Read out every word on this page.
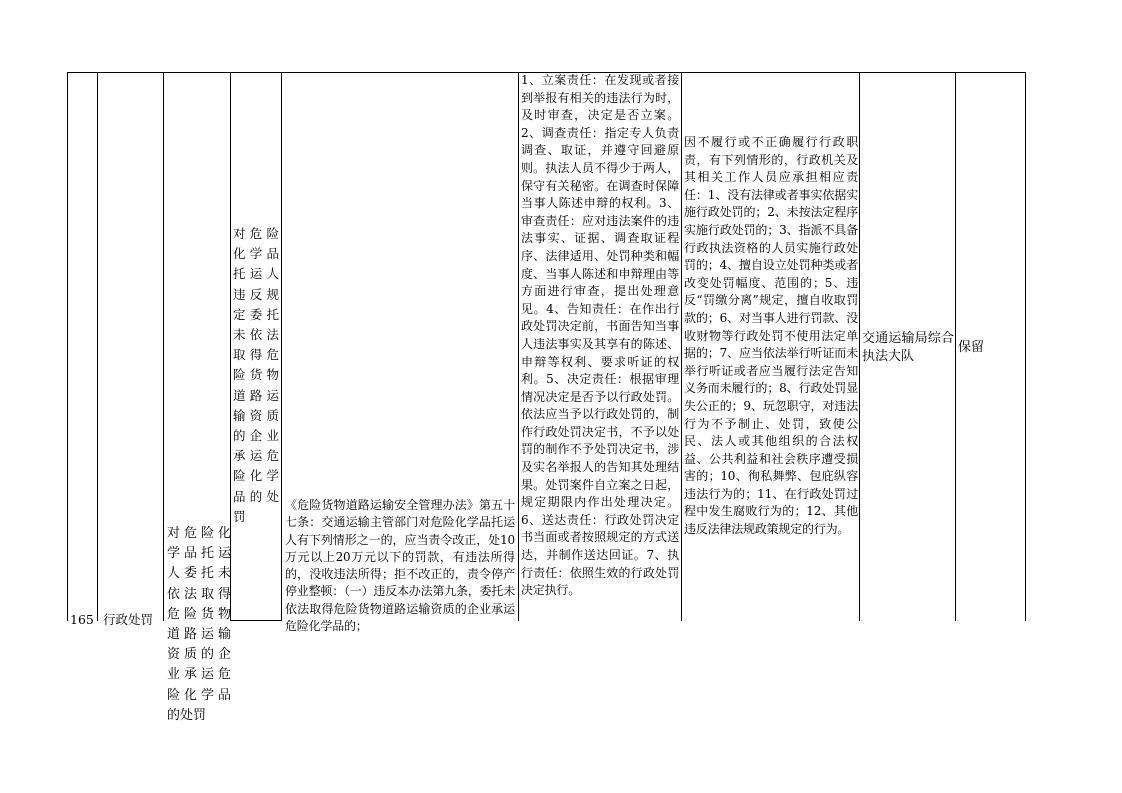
165 行政处罚
对危险化学品托运人委托未依法取得危险货物道路运输资质的企业承运危险化学品的处罚
对危险化学品托运人违反规定委托未依法取得危险货物道路运输资质的企业承运危险化学品的处罚
《危险货物道路运输安全管理办法》第五十七条：交通运输主管部门对危险化学品托运人有下列情形之一的，应当责令改正，处10万元以上20万元以下的罚款，有违法所得的，没收违法所得；拒不改正的，责令停产停业整顿：（一）违反本办法第九条，委托未依法取得危险货物道路运输资质的企业承运危险化学品的；
1、立案责任：在发现或者接到举报有相关的违法行为时，及时审查，决定是否立案。2、调查责任：指定专人负责调查、取证，并遵守回避原则。执法人员不得少于两人，保守有关秘密。在调查时保障当事人陈述申辩的权利。3、审查责任：应对违法案件的违法事实、证据、调查取证程序、法律适用、处罚种类和幅度、当事人陈述和申辩理由等方面进行审查，提出处理意见。4、告知责任：在作出行政处罚决定前，书面告知当事人违法事实及其享有的陈述、申辩等权利、要求听证的权利。5、决定责任：根据审理情况决定是否予以行政处罚。依法应当予以行政处罚的，制作行政处罚决定书，不予以处罚的制作不予处罚决定书，涉及实名举报人的告知其处理结果。处罚案件自立案之日起，规定期限内作出处理决定。6、送达责任：行政处罚决定书当面或者按照规定的方式送达，并制作送达回证。7、执行责任：依照生效的行政处罚决定执行。
因不履行或不正确履行行政职责，有下列情形的，行政机关及其相关工作人员应承担相应责任：1、没有法律或者事实依据实施行政处罚的；2、未按法定程序实施行政处罚的；3、指派不具备行政执法资格的人员实施行政处罚的；4、擅自设立处罚种类或者改变处罚幅度、范围的；5、违反“罚缴分离”规定，擅自收取罚款的；6、对当事人进行罚款、没收财物等行政处罚不使用法定单据的；7、应当依法举行听证而未举行听证或者应当履行法定告知义务而未履行的；8、行政处罚显失公正的；9、玩忽职守，对违法行为不予制止、处罚，致使公民、法人或其他组织的合法权益、公共利益和社会秩序遭受损害的；10、徇私舞弊、包庇纵容违法行为的；11、在行政处罚过程中发生腐败行为的；12、其他违反法律法规政策规定的行为。
交通运输局综合执法大队
保留
